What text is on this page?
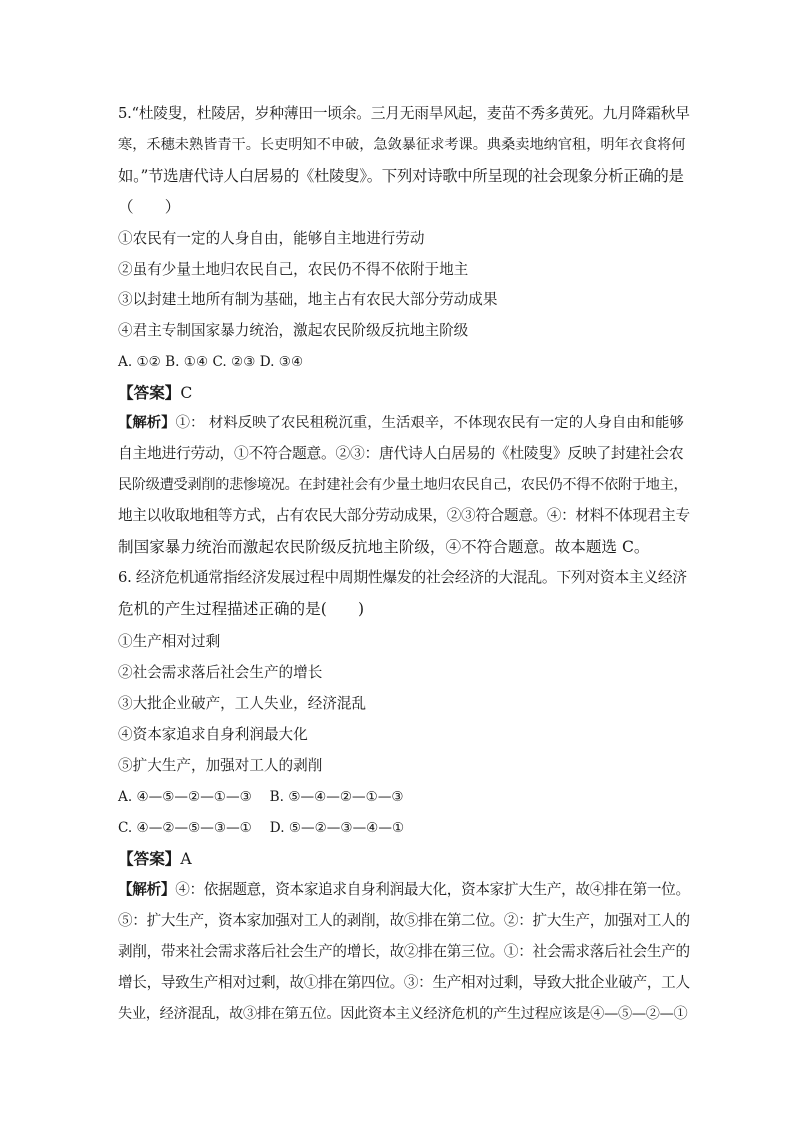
5.“杜陵叟，杜陵居，岁种薄田一顷余。三月无雨旱风起，麦苗不秀多黄死。九月降霜秋早
寒，禾穗未熟皆青干。长吏明知不申破，急敛暴征求考课。典桑卖地纳官租，明年衣食将何
如。”节选唐代诗人白居易的《杜陵叟》。下列对诗歌中所呈现的社会现象分析正确的是
（　　）
①农民有一定的人身自由，能够自主地进行劳动
②虽有少量土地归农民自己，农民仍不得不依附于地主
③以封建土地所有制为基础，地主占有农民大部分劳动成果
④君主专制国家暴力统治，激起农民阶级反抗地主阶级
A. ①② B. ①④ C. ②③ D. ③④
【答案】C
【解析】①： 材料反映了农民租税沉重，生活艰辛，不体现农民有一定的人身自由和能够
自主地进行劳动，①不符合题意。②③：唐代诗人白居易的《杜陵叟》反映了封建社会农
民阶级遭受剥削的悲惨境况。在封建社会有少量土地归农民自己，农民仍不得不依附于地主，
地主以收取地租等方式，占有农民大部分劳动成果，②③符合题意。④：材料不体现君主专
制国家暴力统治而激起农民阶级反抗地主阶级，④不符合题意。故本题选 C。
6. 经济危机通常指经济发展过程中周期性爆发的社会经济的大混乱。下列对资本主义经济
危机的产生过程描述正确的是(　　)
①生产相对过剩
②社会需求落后社会生产的增长
③大批企业破产，工人失业，经济混乱
④资本家追求自身利润最大化
⑤扩大生产，加强对工人的剥削
A. ④—⑤—②—①—③　 B. ⑤—④—②—①—③
C. ④—②—⑤—③—①　 D. ⑤—②—③—④—①
【答案】A
【解析】④：依据题意，资本家追求自身利润最大化，资本家扩大生产，故④排在第一位。
⑤：扩大生产，资本家加强对工人的剥削，故⑤排在第二位。②：扩大生产，加强对工人的
剥削，带来社会需求落后社会生产的增长，故②排在第三位。①：社会需求落后社会生产的
增长，导致生产相对过剩，故①排在第四位。③：生产相对过剩，导致大批企业破产，工人
失业，经济混乱，故③排在第五位。因此资本主义经济危机的产生过程应该是④—⑤—②—①
